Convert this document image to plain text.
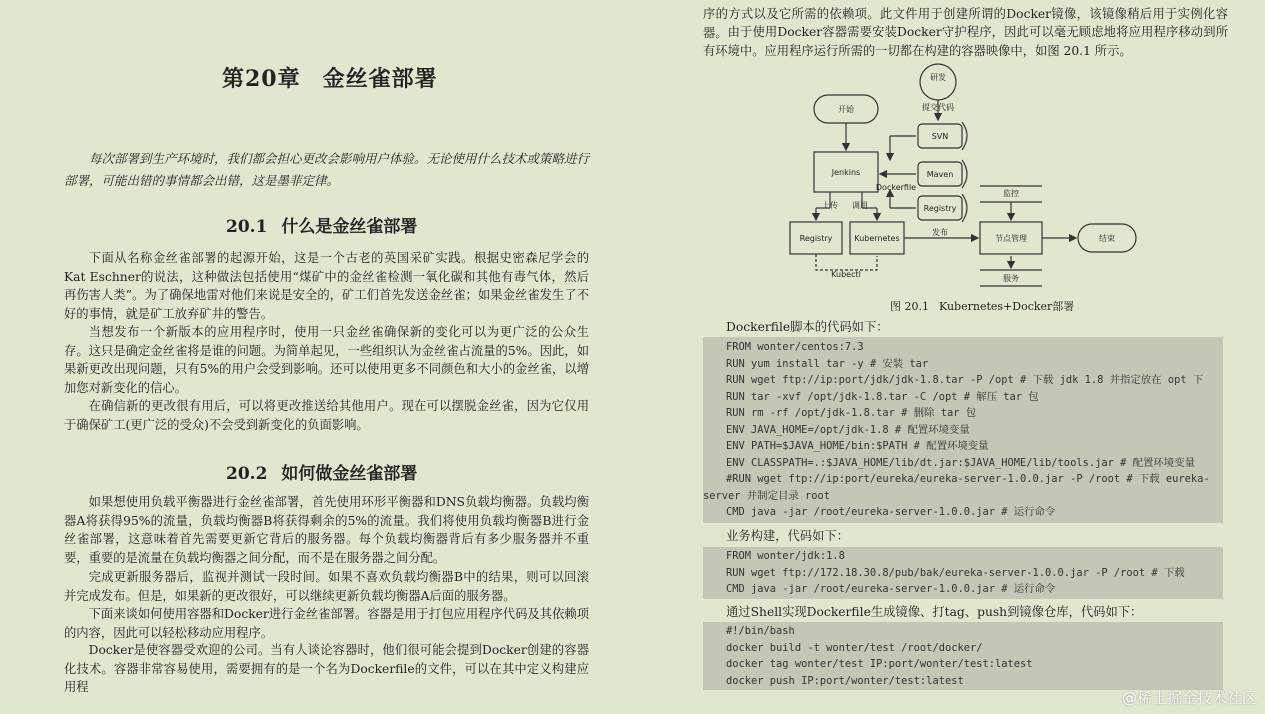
第20章 金丝雀部署
每次部署到生产环境时，我们都会担心更改会影响用户体验。无论使用什么技术或策略进行部署，可能出错的事情都会出错，这是墨菲定律。
20.1 什么是金丝雀部署
下面从名称金丝雀部署的起源开始，这是一个古老的英国采矿实践。根据史密森尼学会的Kat Eschner的说法，这种做法包括使用“煤矿中的金丝雀检测一氧化碳和其他有毒气体，然后再伤害人类”。为了确保地雷对他们来说是安全的，矿工们首先发送金丝雀；如果金丝雀发生了不好的事情，就是矿工放弃矿井的警告。
当想发布一个新版本的应用程序时，使用一只金丝雀确保新的变化可以为更广泛的公众生存。这只是确定金丝雀将是谁的问题。为简单起见，一些组织认为金丝雀占流量的5%。因此，如果新更改出现问题，只有5%的用户会受到影响。还可以使用更多不同颜色和大小的金丝雀，以增加您对新变化的信心。
在确信新的更改很有用后，可以将更改推送给其他用户。现在可以摆脱金丝雀，因为它仅用于确保矿工(更广泛的受众)不会受到新变化的负面影响。
20.2 如何做金丝雀部署
如果想使用负载平衡器进行金丝雀部署，首先使用环形平衡器和DNS负载均衡器。负载均衡器A将获得95%的流量，负载均衡器B将获得剩余的5%的流量。我们将使用负载均衡器B进行金丝雀部署，这意味着首先需要更新它背后的服务器。每个负载均衡器背后有多少服务器并不重要，重要的是流量在负载均衡器之间分配，而不是在服务器之间分配。
完成更新服务器后，监视并测试一段时间。如果不喜欢负载均衡器B中的结果，则可以回滚并完成发布。但是，如果新的更改很好，可以继续更新负载均衡器A后面的服务器。
下面来谈如何使用容器和Docker进行金丝雀部署。容器是用于打包应用程序代码及其依赖项的内容，因此可以轻松移动应用程序。
Docker是使容器受欢迎的公司。当有人谈论容器时，他们很可能会提到Docker创建的容器化技术。容器非常容易使用，需要拥有的是一个名为Dockerfile的文件，可以在其中定义构建应用程
序的方式以及它所需的依赖项。此文件用于创建所谓的Docker镜像，该镜像稍后用于实例化容器。 由于使用Docker容器需要安装Docker守护程序，因此可以毫无顾虑地将应用程序移动到所有环境中。应用程序运行所需的一切都在构建的容器映像中，如图 20.1 所示。
研发
提交代码
开始
SVN
Maven
Registry
Jenkins
Dockerfile
上传 调用
Registry	Kubernetes
发布
Kubectl
监控
节点管理
服务
结束
图 20.1 Kubernetes+Docker部署
Dockerfile脚本的代码如下：
FROM wonter/centos:7.3
RUN yum install tar -y # 安装 tar
RUN wget ftp://ip:port/jdk/jdk-1.8.tar -P /opt # 下载 jdk 1.8 并指定放在 opt 下
RUN tar -xvf /opt/jdk-1.8.tar -C /opt # 解压 tar 包
RUN rm -rf /opt/jdk-1.8.tar # 删除 tar 包
ENV JAVA_HOME=/opt/jdk-1.8 # 配置环境变量
ENV PATH=$JAVA_HOME/bin:$PATH # 配置环境变量
ENV CLASSPATH=.:$JAVA_HOME/lib/dt.jar:$JAVA_HOME/lib/tools.jar # 配置环境变量
#RUN wget ftp://ip:port/eureka/eureka-server-1.0.0.jar -P /root # 下载 eureka-
server 并制定目录 root
CMD java -jar /root/eureka-server-1.0.0.jar # 运行命令
业务构建，代码如下：
FROM wonter/jdk:1.8
RUN wget ftp://172.18.30.8/pub/bak/eureka-server-1.0.0.jar -P /root # 下载
CMD java -jar /root/eureka-server-1.0.0.jar # 运行命令
通过Shell实现Dockerfile生成镜像、打tag、push到镜像仓库，代码如下：
#!/bin/bash
docker build -t wonter/test /root/docker/
docker tag wonter/test IP:port/wonter/test:latest
docker push IP:port/wonter/test:latest
@稀土掘金技术社区
